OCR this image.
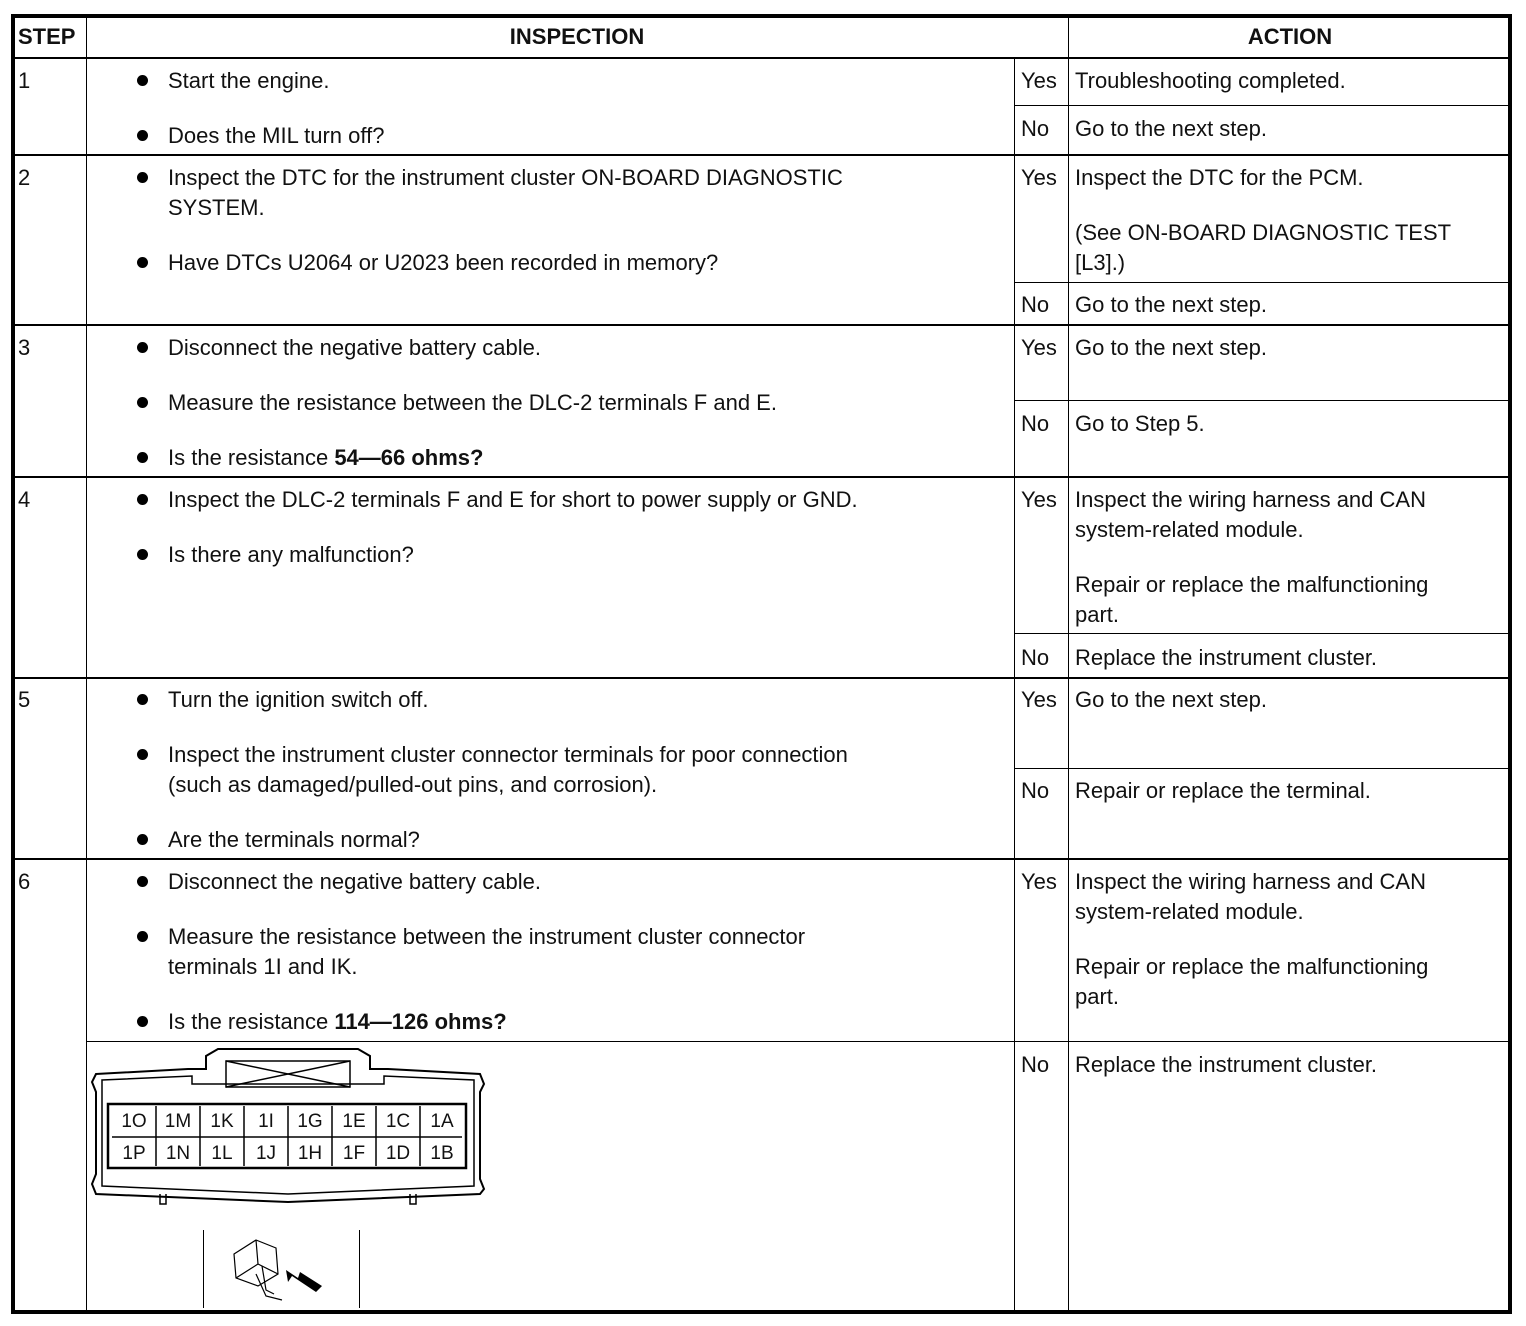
STEP	INSPECTION	ACTION
1	Start the engine.
Does the MIL turn off?
Yes Troubleshooting completed.
No Go to the next step.
2	Inspect the DTC for the instrument cluster ON-BOARD DIAGNOSTIC
SYSTEM.
Have DTCs U2064 or U2023 been recorded in memory?
Yes Inspect the DTC for the PCM.
(See ON-BOARD DIAGNOSTIC TEST
[L3].)
No Go to the next step.
3	Disconnect the negative battery cable.
Measure the resistance between the DLC-2 terminals F and E.
Is the resistance 54—66 ohms?
Yes Go to the next step.
No Go to Step 5.
4	Inspect the DLC-2 terminals F and E for short to power supply or GND.
Is there any malfunction?
Yes Inspect the wiring harness and CAN
system-related module.
Repair or replace the malfunctioning
part.
No Replace the instrument cluster.
5	Turn the ignition switch off.
Inspect the instrument cluster connector terminals for poor connection
(such as damaged/pulled-out pins, and corrosion).
Are the terminals normal?
Yes Go to the next step.
No Repair or replace the terminal.
6	Disconnect the negative battery cable.
Measure the resistance between the instrument cluster connector
terminals 1I and IK.
Is the resistance 114—126 ohms?
Yes Inspect the wiring harness and CAN
system-related module.
Repair or replace the malfunctioning
part.
No Replace the instrument cluster.
1O 1M	1K	1I	1G	1E	1C	1A
1P	1N	1L	1J	1H	1F	1D	1B
